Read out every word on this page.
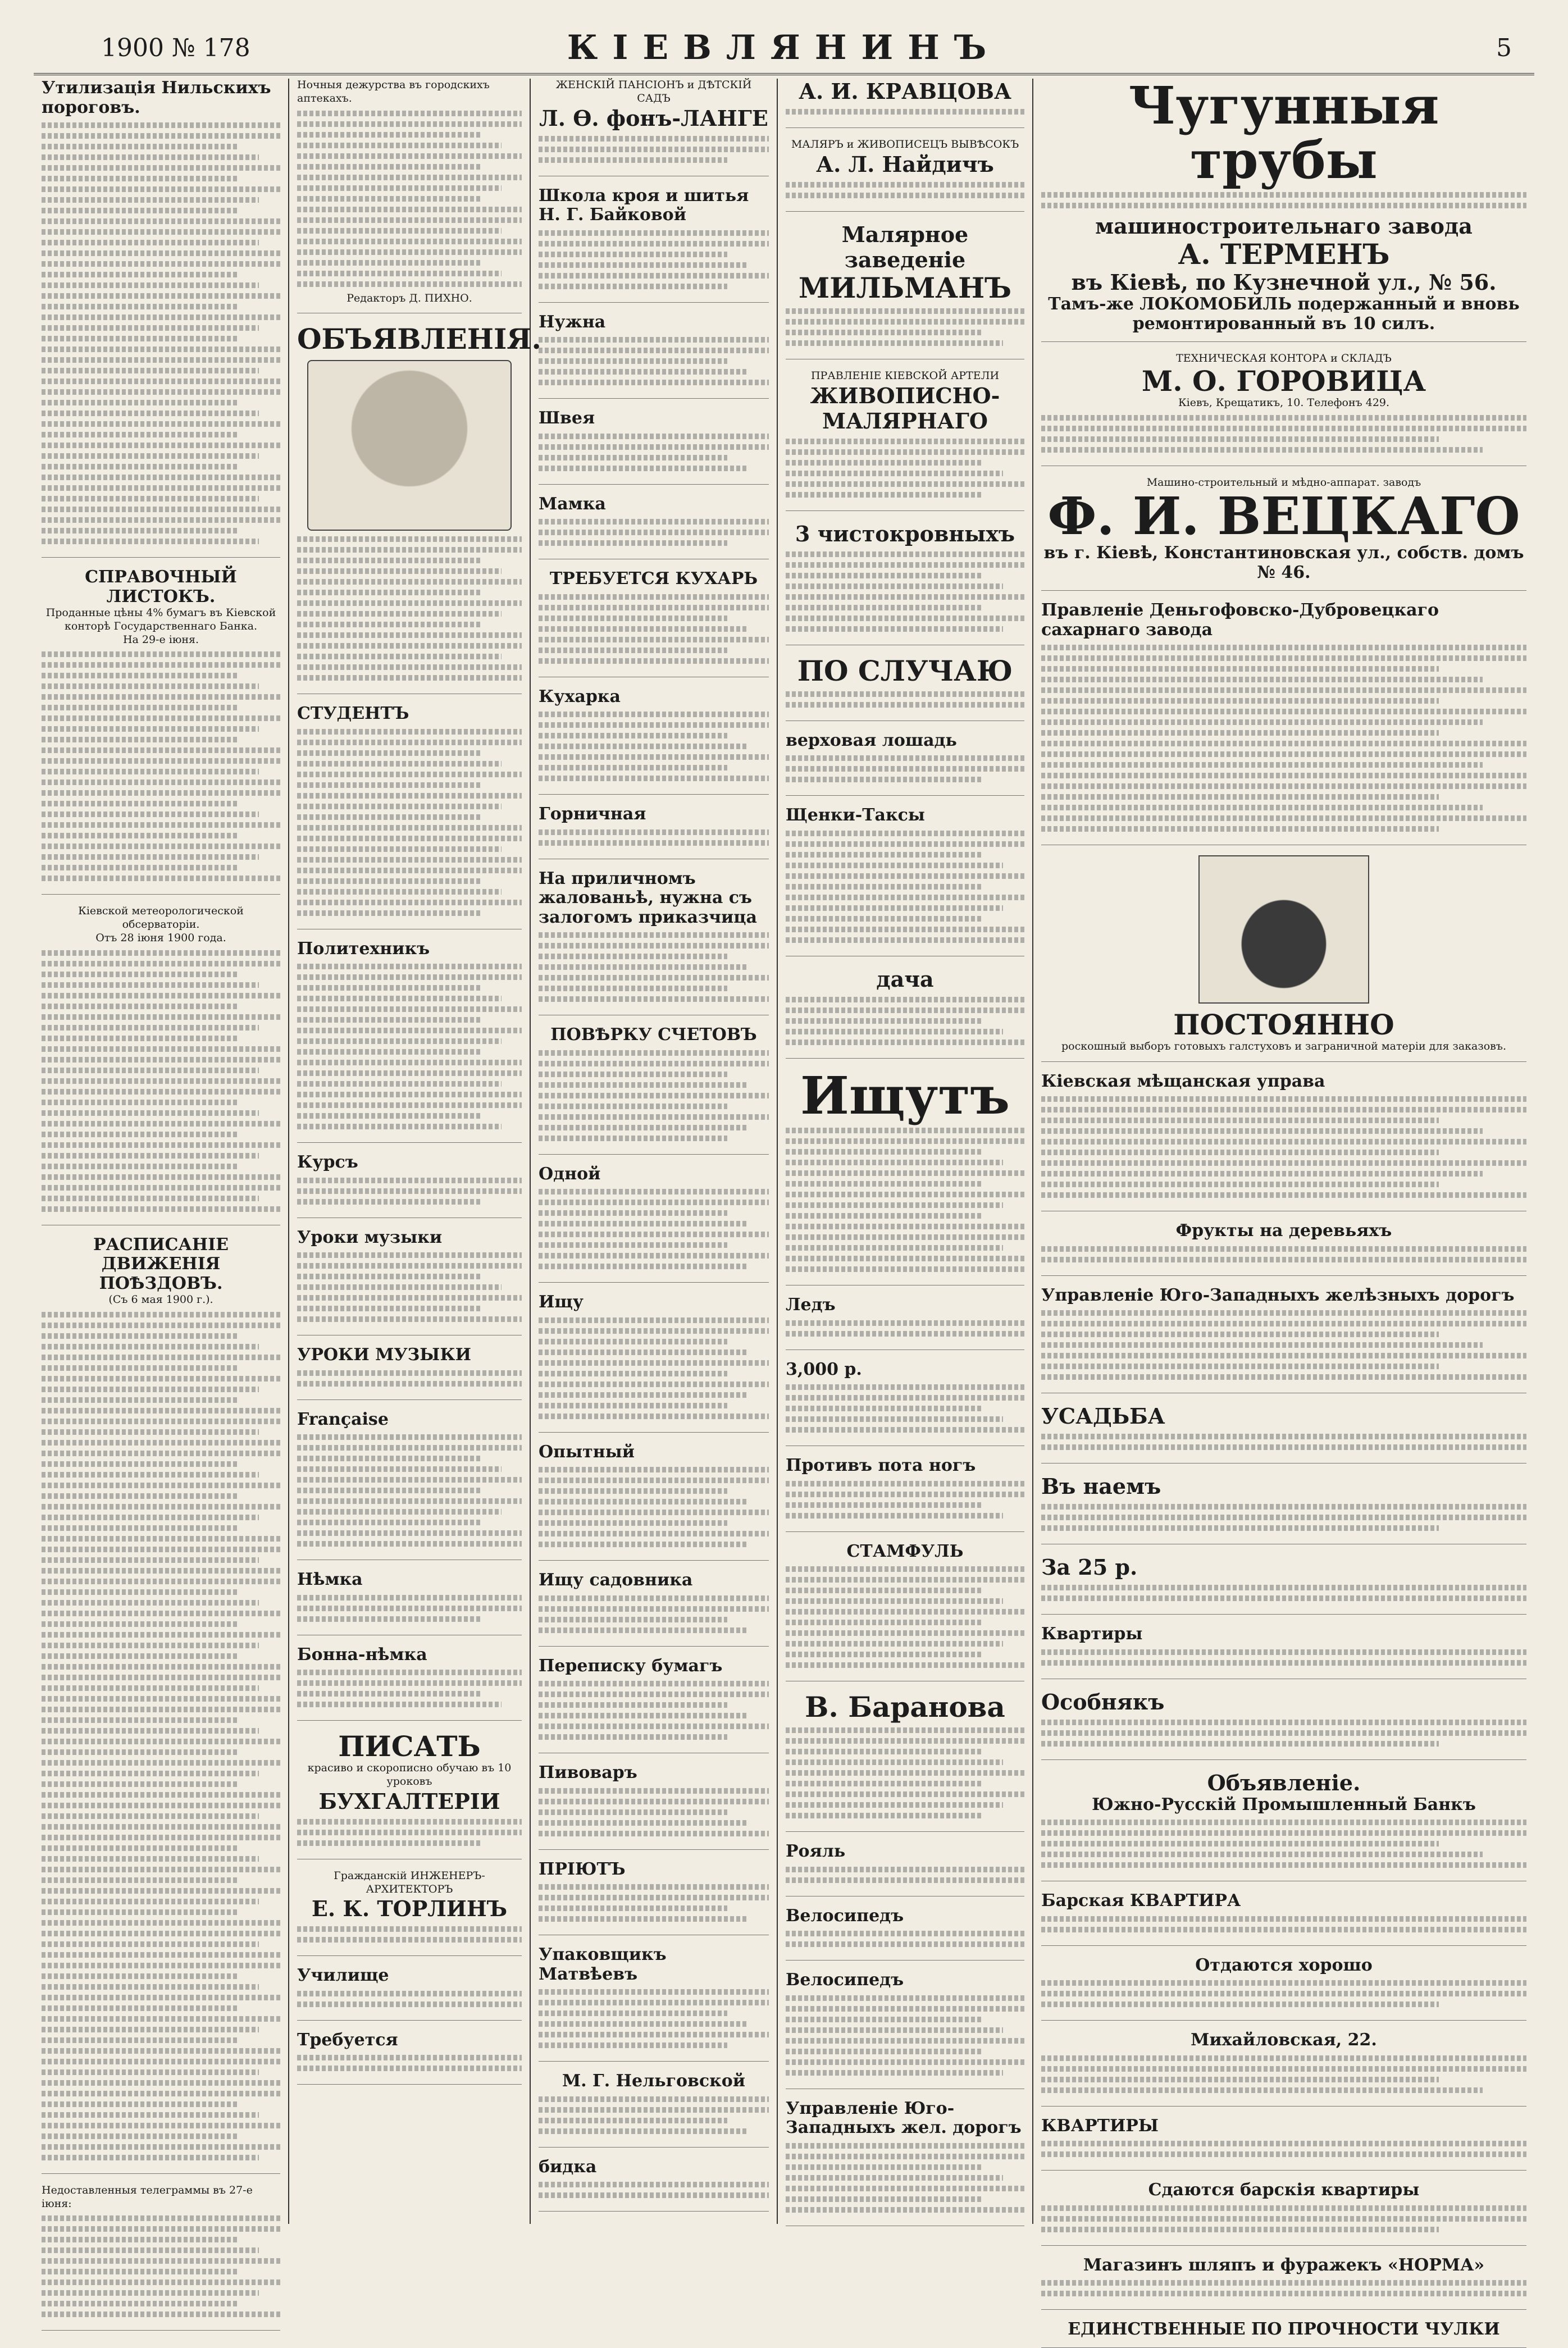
1900 № 178	КІЕВЛЯНИНЪ	5
Утилизація Нильскихъ пороговъ.
СПРАВОЧНЫЙ ЛИСТОКЪ.
Проданные цѣны 4% бумагъ въ Кіевской конторѣ Государственнаго Банка.
На 29-е іюня.
Кіевской метеорологической обсерваторіи.
Отъ 28 іюня 1900 года.
РАСПИСАНІЕ ДВИЖЕНІЯ ПОѢЗДОВЪ.
(Съ 6 мая 1900 г.).
Недоставленныя телеграммы въ 27-е іюня:
Ночныя дежурства въ городскихъ аптекахъ.
Редакторъ Д. ПИХНО.
ОБЪЯВЛЕНІЯ.
СТУДЕНТЪ
Политехникъ
Курсъ
Уроки музыки
УРОКИ МУЗЫКИ
Française
Нѣмка
Бонна-нѣмка
ПИСАТЬ
красиво и скорописно обучаю въ 10 уроковъ
БУХГАЛТЕРІИ
Гражданскій ИНЖЕНЕРЪ-АРХИТЕКТОРЪ
Е. К. ТОРЛИНЪ
Училище
Требуется
ЖЕНСКІЙ ПАНСІОНЪ и ДѢТСКІЙ САДЪ
Л. Ѳ. фонъ-ЛАНГЕ
Школа кроя и шитья
Н. Г. Байковой
Нужна
Швея
Мамка
ТРЕБУЕТСЯ КУХАРЬ
Кухарка
Горничная
На приличномъ жалованьѣ, нужна съ залогомъ приказчица
ПОВѢРКУ СЧЕТОВЪ
Одной
Ищу
Опытный
Ищу садовника
Переписку бумагъ
Пивоваръ
ПРІЮТЪ
Упаковщикъ Матвѣевъ
М. Г. Нельговской
бидка
А. И. КРАВЦОВА
МАЛЯРЪ и ЖИВОПИСЕЦЪ ВЫВѢСОКЪ
А. Л. Найдичъ
Малярное заведеніе
МИЛЬМАНЪ
ПРАВЛЕНІЕ КІЕВСКОЙ АРТЕЛИ
ЖИВОПИСНО-МАЛЯРНАГО
3 чистокровныхъ
ПО СЛУЧАЮ
верховая лошадь
Щенки-Таксы
дача
Ищутъ
Ледъ
3,000 р.
Противъ пота ногъ
СТАМФУЛЬ
В. Баранова
Рояль
Велосипедъ
Велосипедъ
Управленіе Юго-Западныхъ жел. дорогъ
Чугунныя трубы
машиностроительнаго завода
А. ТЕРМЕНЪ
въ Кіевѣ, по Кузнечной ул., № 56.
Тамъ-же ЛОКОМОБИЛЬ подержанный и вновь ремонтированный въ 10 силъ.
ТЕХНИЧЕСКАЯ КОНТОРА и СКЛАДЪ
М. О. ГОРОВИЦА
Кіевъ, Крещатикъ, 10. Телефонъ 429.
Машино-строительный и мѣдно-аппарат. заводъ
Ф. И. ВЕЦКАГО
въ г. Кіевѣ, Константиновская ул., собств. домъ № 46.
Правленіе Деньгофовско-Дубровецкаго сахарнаго завода
ПОСТОЯННО
роскошный выборъ готовыхъ галстуховъ и заграничной матеріи для заказовъ.
Кіевская мѣщанская управа
Фрукты на деревьяхъ
Управленіе Юго-Западныхъ желѣзныхъ дорогъ
УСАДЬБА
Въ наемъ
За 25 р.
Квартиры
Особнякъ
Объявленіе.
Южно-Русскій Промышленный Банкъ
Барская КВАРТИРА
Отдаются хорошо
Михайловская, 22.
КВАРТИРЫ
Сдаются барскія квартиры
Магазинъ шляпъ и фуражекъ «НОРМА»
ЕДИНСТВЕННЫЕ ПО ПРОЧНОСТИ ЧУЛКИ
